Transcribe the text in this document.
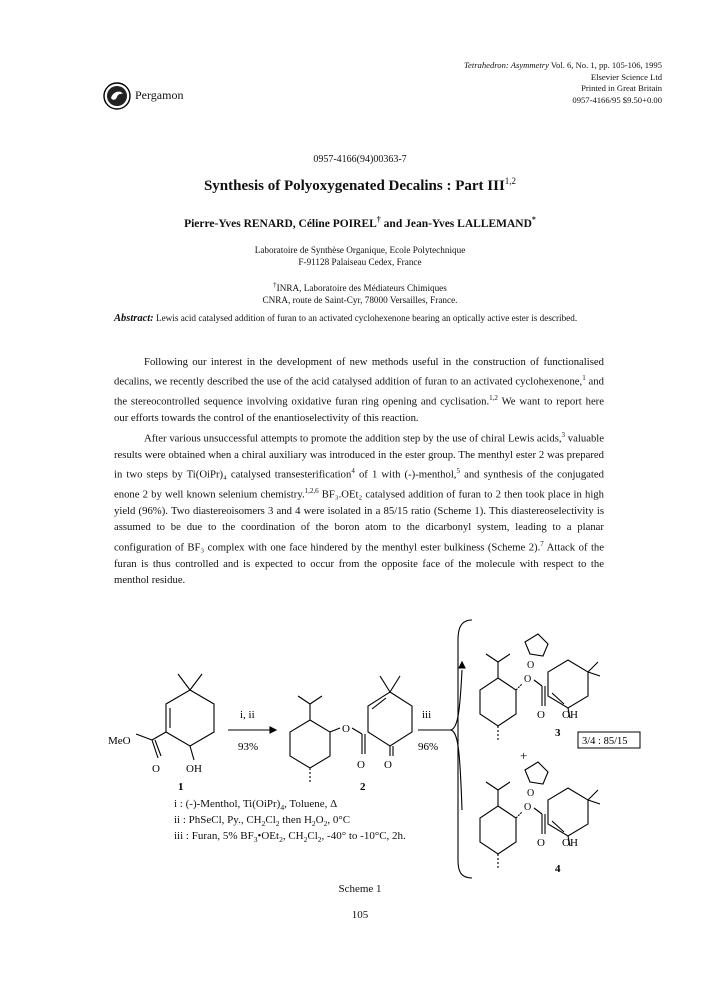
Pergamon
Tetrahedron: Asymmetry Vol. 6, No. 1, pp. 105-106, 1995
Elsevier Science Ltd
Printed in Great Britain
0957-4166/95 $9.50+0.00
0957-4166(94)00363-7
Synthesis of Polyoxygenated Decalins : Part III$^{1,2}$
Pierre-Yves RENARD, Céline POIREL† and Jean-Yves LALLEMAND*
Laboratoire de Synthèse Organique, Ecole Polytechnique
F-91128 Palaiseau Cedex, France
†INRA, Laboratoire des Médiateurs Chimiques
CNRA, route de Saint-Cyr, 78000 Versailles, France.
Abstract: Lewis acid catalysed addition of furan to an activated cyclohexenone bearing an optically active ester is described.

Following our interest in the development of new methods useful in the construction of functionalised decalins, we recently described the use of the acid catalysed addition of furan to an activated cyclohexenone,$^1$ and the stereocontrolled sequence involving oxidative furan ring opening and cyclisation.$^{1,2}$ We want to report here our efforts towards the control of the enantioselectivity of this reaction.

After various unsuccessful attempts to promote the addition step by the use of chiral Lewis acids,$^3$ valuable results were obtained when a chiral auxiliary was introduced in the ester group. The menthyl ester 2 was prepared in two steps by Ti(OiPr)₄ catalysed transesterification$^4$ of 1 with (-)-menthol,$^5$ and synthesis of the conjugated enone 2 by well known selenium chemistry.$^{1,2,6}$ BF₃.OEt₂ catalysed addition of furan to 2 then took place in high yield (96%). Two diastereoisomers 3 and 4 were isolated in a 85/15 ratio (Scheme 1). This diastereoselectivity is assumed to be due to the coordination of the boron atom to the dicarbonyl system, leading to a planar configuration of BF₃ complex with one face hindered by the menthyl ester bulkiness (Scheme 2).$^7$ Attack of the furan is thus controlled and is expected to occur from the opposite face of the molecule with respect to the menthol residue.

MeO
O OH
1
i, ii
93%
O
O O
2
iii
96%
O
O OH
O
3
+
3/4 : 85/15
O
O OH
O
4
i : (-)-Menthol, $Ti(OiPr)_4$, Toluene, Δ
ii : PhSeCl, Py., $CH_2Cl_2$ then $H_2O_2$, 0°C
iii : Furan, 5% $BF_3•OEt_2$, $CH_2Cl_2$, -40° to -10°C, 2h.
Scheme 1
105
